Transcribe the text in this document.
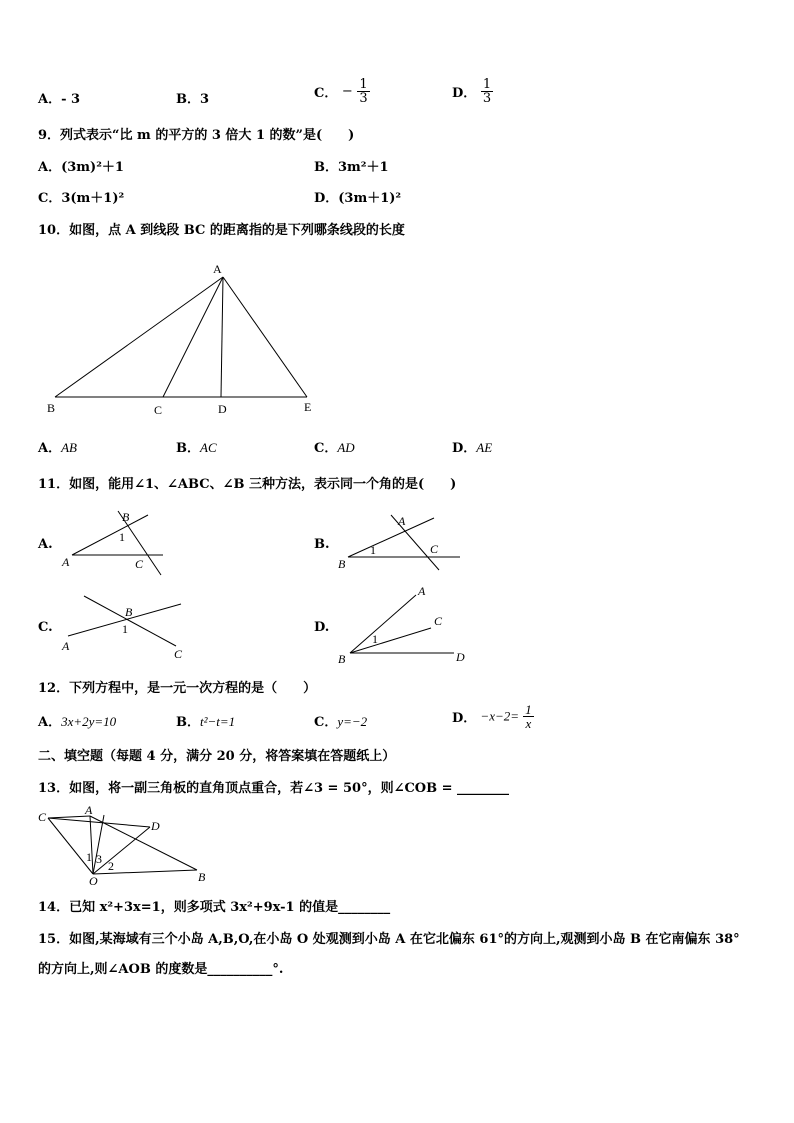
A．- 3	B．3	C． − $\frac{1}{3}$	D． $\frac{1}{3}$
9．列式表示“比 m 的平方的 3 倍大 1 的数”是(　　)
A．(3m)²＋1	B．3m²＋1
C．3(m＋1)²	D．(3m＋1)²
10．如图，点 A 到线段 BC 的距离指的是下列哪条线段的长度
A
B	C	D	E
A．AB	B．AC	C．AD	D．AE
11．如图，能用∠1、∠ABC、∠B 三种方法，表示同一个角的是(　　)
A.
B
1
A	C
B.
A
1
B
C
C.
B
1
A
C
D.
A
C
1
B	D
12．下列方程中，是一元一次方程的是（　　）
A．3x+2y=10	B．t²−t=1	C．y=−2	D． $-x-2= \frac{1}{x}$
二、填空题（每题 4 分，满分 20 分，将答案填在答题纸上）
13．如图，将一副三角板的直角顶点重合，若∠3 = 50°，则∠COB = ________
C	A
D
1 3 2
O	B
14．已知 x²+3x=1，则多项式 3x²+9x-1 的值是________
15．如图,某海域有三个小岛 A,B,O,在小岛 O 处观测到小岛 A 在它北偏东 61°的方向上,观测到小岛 B 在它南偏东 38°
的方向上,则∠AOB 的度数是__________°.
